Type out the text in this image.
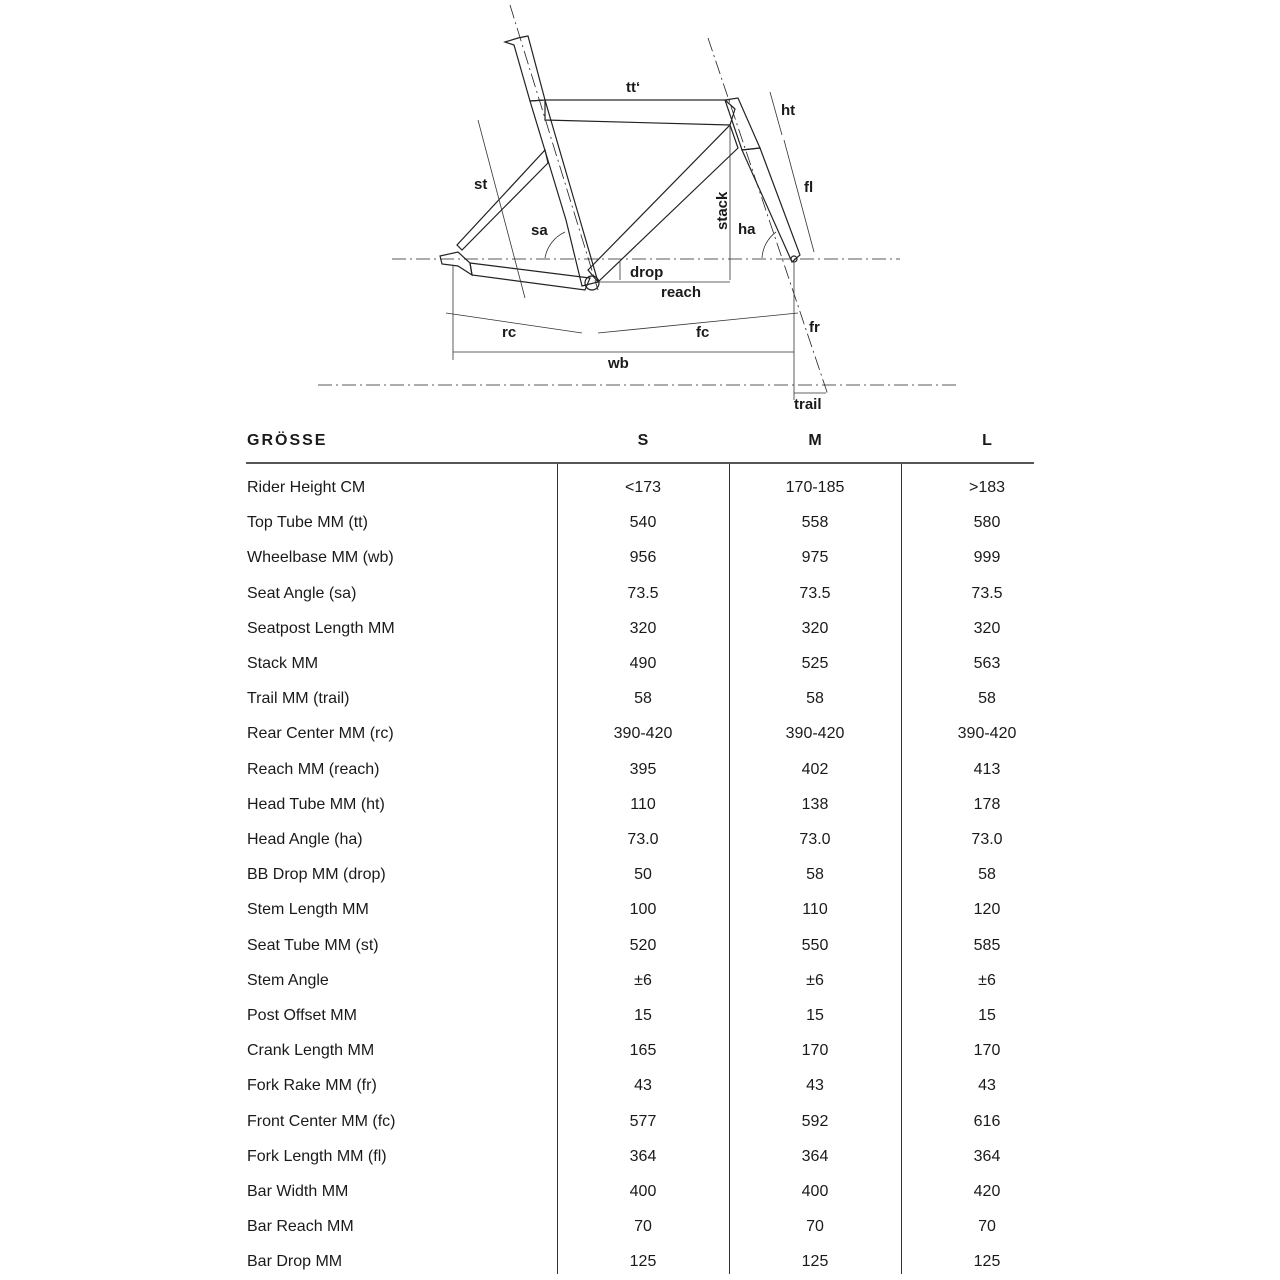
tt‘
ht
st	fl
stack
sa	ha
drop
reach
rc	fc	fr
wb
trail
GRÖSSE	S	M	L
Rider Height CM	<173	170-185	>183
Top Tube MM (tt)	540	558	580
Wheelbase MM (wb)	956	975	999
Seat Angle (sa)	73.5	73.5	73.5
Seatpost Length MM	320	320	320
Stack MM	490	525	563
Trail MM (trail)	58	58	58
Rear Center MM (rc)	390-420	390-420	390-420
Reach MM (reach)	395	402	413
Head Tube MM (ht)	110	138	178
Head Angle (ha)	73.0	73.0	73.0
BB Drop MM (drop)	50	58	58
Stem Length MM	100	110	120
Seat Tube MM (st)	520	550	585
Stem Angle	±6	±6	±6
Post Offset MM	15	15	15
Crank Length MM	165	170	170
Fork Rake MM (fr)	43	43	43
Front Center MM (fc)	577	592	616
Fork Length MM (fl)	364	364	364
Bar Width MM	400	400	420
Bar Reach MM	70	70	70
Bar Drop MM	125	125	125
